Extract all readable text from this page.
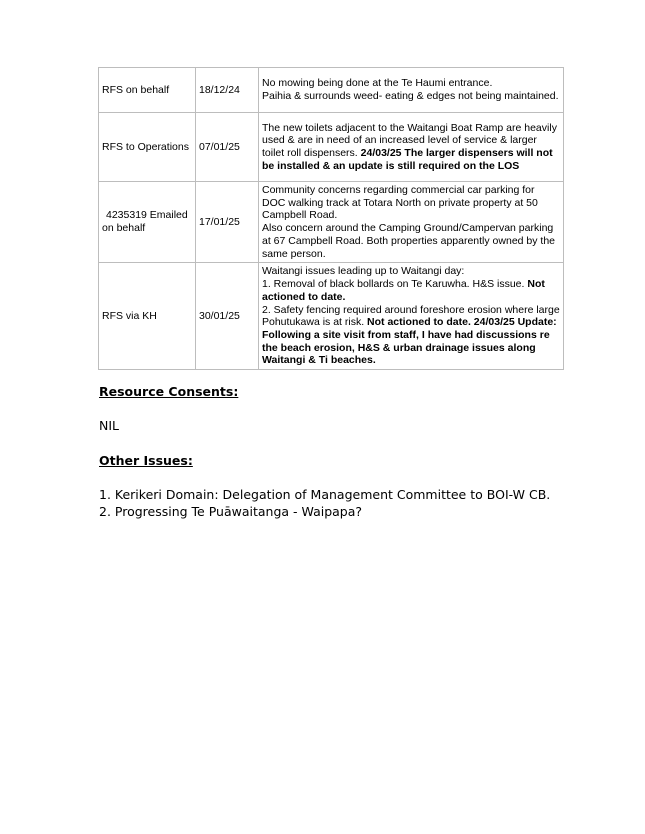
RFS on behalf	18/12/24	No mowing being done at the Te Haumi entrance.
Paihia & surrounds weed- eating & edges not being maintained.

RFS to Operations	07/01/25	The new toilets adjacent to the Waitangi Boat Ramp are heavily used & are in need of an increased level of service & larger toilet roll dispensers. 24/03/25 The larger dispensers will not be installed & an update is still required on the LOS

4235319 Emailed on behalf	17/01/25	Community concerns regarding commercial car parking for DOC walking track at Totara North on private property at 50 Campbell Road.
Also concern around the Camping Ground/Campervan parking at 67 Campbell Road. Both properties apparently owned by the same person.

RFS via KH	30/01/25	Waitangi issues leading up to Waitangi day:
1. Removal of black bollards on Te Karuwha. H&S issue. Not actioned to date.
2. Safety fencing required around foreshore erosion where large Pohutukawa is at risk. Not actioned to date. 24/03/25 Update: Following a site visit from staff, I have had discussions re the beach erosion, H&S & urban drainage issues along Waitangi & Ti beaches.
Resource Consents:
NIL
Other Issues:
1. Kerikeri Domain: Delegation of Management Committee to BOI-W CB.
2. Progressing Te Puāwaitanga - Waipapa?
